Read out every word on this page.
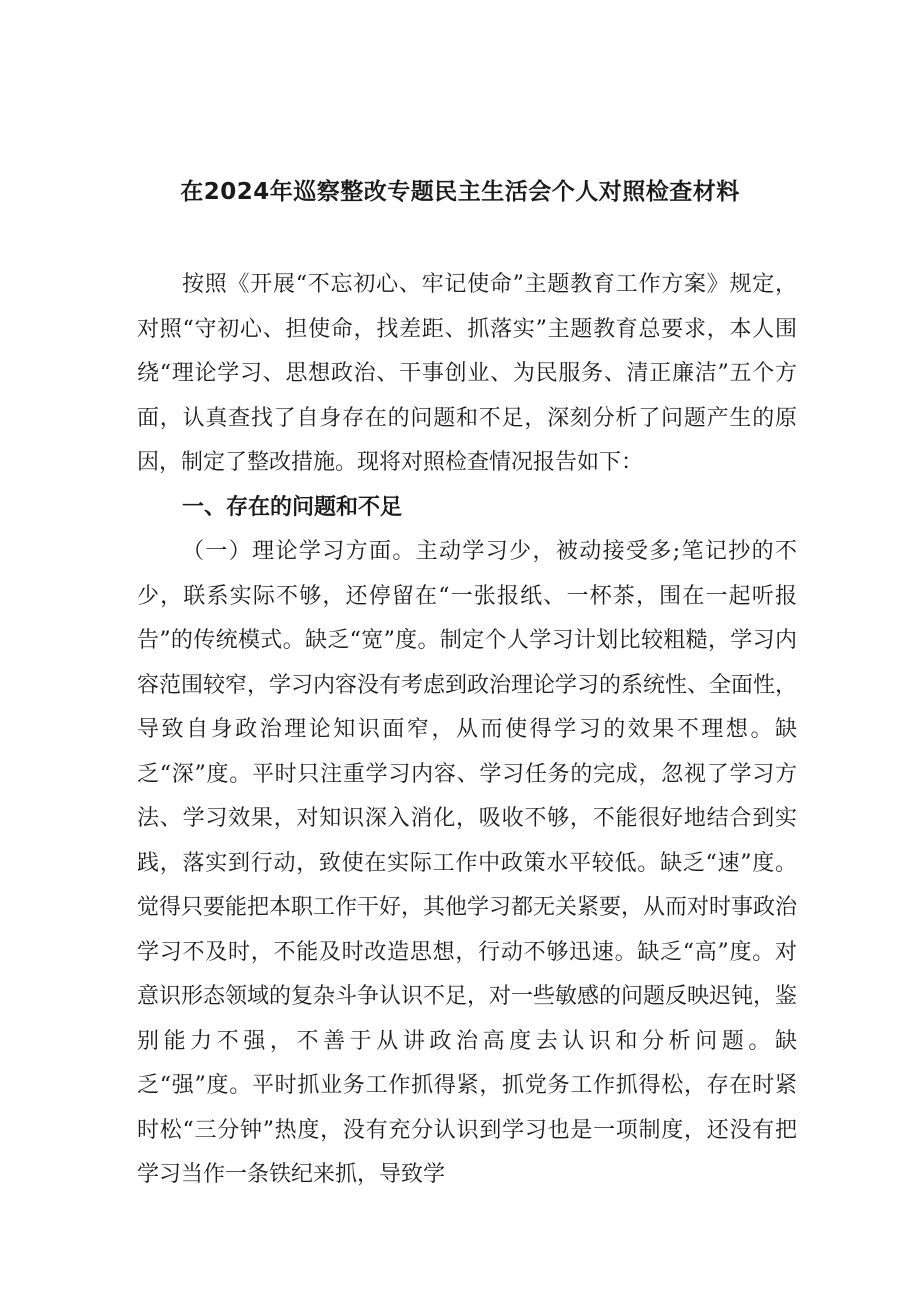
在2024年巡察整改专题民主生活会个人对照检查材料

按照《开展“不忘初心、牢记使命”主题教育工作方案》规定，对照“守初心、担使命，找差距、抓落实”主题教育总要求，本人围绕“理论学习、思想政治、干事创业、为民服务、清正廉洁”五个方面，认真查找了自身存在的问题和不足，深刻分析了问题产生的原因，制定了整改措施。现将对照检查情况报告如下：

一、存在的问题和不足

（一）理论学习方面。主动学习少，被动接受多;笔记抄的不少，联系实际不够，还停留在“一张报纸、一杯茶，围在一起听报告”的传统模式。缺乏“宽”度。制定个人学习计划比较粗糙，学习内容范围较窄，学习内容没有考虑到政治理论学习的系统性、全面性，导致自身政治理论知识面窄，从而使得学习的效果不理想。缺乏“深”度。平时只注重学习内容、学习任务的完成，忽视了学习方法、学习效果，对知识深入消化，吸收不够，不能很好地结合到实践，落实到行动，致使在实际工作中政策水平较低。缺乏“速”度。觉得只要能把本职工作干好，其他学习都无关紧要，从而对时事政治学习不及时，不能及时改造思想，行动不够迅速。缺乏“高”度。对意识形态领域的复杂斗争认识不足，对一些敏感的问题反映迟钝，鉴别能力不强，不善于从讲政治高度去认识和分析问题。缺乏“强”度。平时抓业务工作抓得紧，抓党务工作抓得松，存在时紧时松“三分钟”热度，没有充分认识到学习也是一项制度，还没有把学习当作一条铁纪来抓，导致学
